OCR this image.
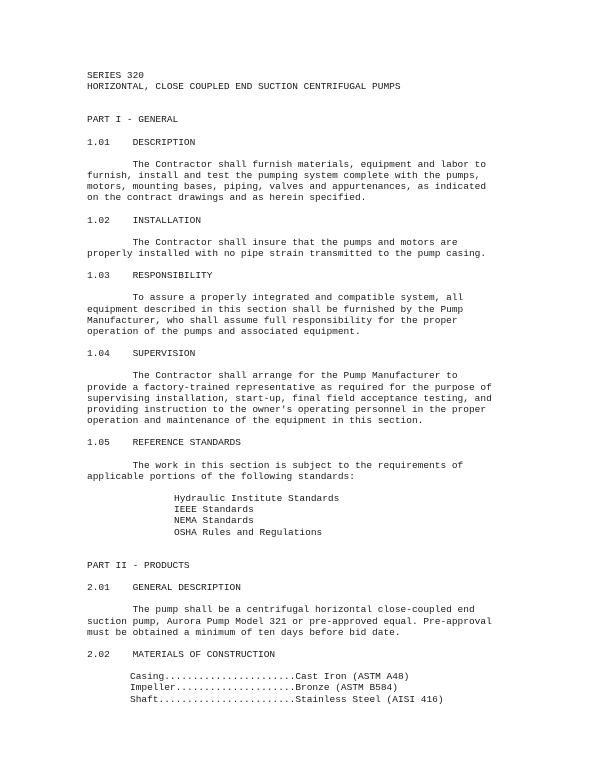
SERIES 320
HORIZONTAL, CLOSE COUPLED END SUCTION CENTRIFUGAL PUMPS
PART I - GENERAL
1.01    DESCRIPTION
The Contractor shall furnish materials, equipment and labor to
furnish, install and test the pumping system complete with the pumps,
motors, mounting bases, piping, valves and appurtenances, as indicated
on the contract drawings and as herein specified.
1.02    INSTALLATION
The Contractor shall insure that the pumps and motors are
properly installed with no pipe strain transmitted to the pump casing.
1.03    RESPONSIBILITY
To assure a properly integrated and compatible system, all
equipment described in this section shall be furnished by the Pump
Manufacturer, who shall assume full responsibility for the proper
operation of the pumps and associated equipment.
1.04    SUPERVISION
The Contractor shall arrange for the Pump Manufacturer to
provide a factory-trained representative as required for the purpose of
supervising installation, start-up, final field acceptance testing, and
providing instruction to the owner's operating personnel in the proper
operation and maintenance of the equipment in this section.
1.05    REFERENCE STANDARDS
The work in this section is subject to the requirements of
applicable portions of the following standards:
Hydraulic Institute Standards
IEEE Standards
NEMA Standards
OSHA Rules and Regulations
PART II - PRODUCTS
2.01    GENERAL DESCRIPTION
The pump shall be a centrifugal horizontal close-coupled end
suction pump, Aurora Pump Model 321 or pre-approved equal. Pre-approval
must be obtained a minimum of ten days before bid date.
2.02    MATERIALS OF CONSTRUCTION
Casing.......................Cast Iron (ASTM A48)
Impeller.....................Bronze (ASTM B584)
Shaft........................Stainless Steel (AISI 416)
